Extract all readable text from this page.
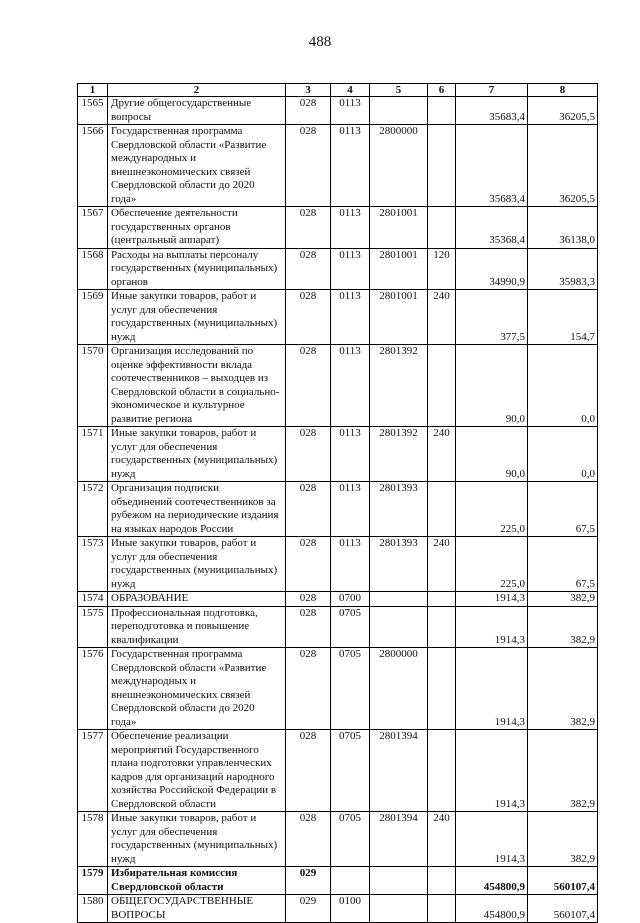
488
1	2	3	4	5	6	7	8
1565	Другие общегосударственные вопросы	028	0113			35683,4	36205,5
1566	Государственная программа Свердловской области «Развитие международных и внешнеэкономических связей Свердловской области до 2020 года»	028	0113	2800000		35683,4	36205,5
1567	Обеспечение деятельности государственных органов (центральный аппарат)	028	0113	2801001		35368,4	36138,0
1568	Расходы на выплаты персоналу государственных (муниципальных) органов	028	0113	2801001	120	34990,9	35983,3
1569	Иные закупки товаров, работ и услуг для обеспечения государственных (муниципальных) нужд	028	0113	2801001	240	377,5	154,7
1570	Организация исследований по оценке эффективности вклада соотечественников – выходцев из Свердловской области в социально-экономическое и культурное развитие региона	028	0113	2801392		90,0	0,0
1571	Иные закупки товаров, работ и услуг для обеспечения государственных (муниципальных) нужд	028	0113	2801392	240	90,0	0,0
1572	Организация подписки объединений соотечественников за рубежом на периодические издания на языках народов России	028	0113	2801393		225,0	67,5
1573	Иные закупки товаров, работ и услуг для обеспечения государственных (муниципальных) нужд	028	0113	2801393	240	225,0	67,5
1574	ОБРАЗОВАНИЕ	028	0700			1914,3	382,9
1575	Профессиональная подготовка, переподготовка и повышение квалификации	028	0705			1914,3	382,9
1576	Государственная программа Свердловской области «Развитие международных и внешнеэкономических связей Свердловской области до 2020 года»	028	0705	2800000		1914,3	382,9
1577	Обеспечение реализации мероприятий Государственного плана подготовки управленческих кадров для организаций народного хозяйства Российской Федерации в Свердловской области	028	0705	2801394		1914,3	382,9
1578	Иные закупки товаров, работ и услуг для обеспечения государственных (муниципальных) нужд	028	0705	2801394	240	1914,3	382,9
1579	Избирательная комиссия Свердловской области	029				454800,9	560107,4
1580	ОБЩЕГОСУДАРСТВЕННЫЕ ВОПРОСЫ	029	0100			454800,9	560107,4
